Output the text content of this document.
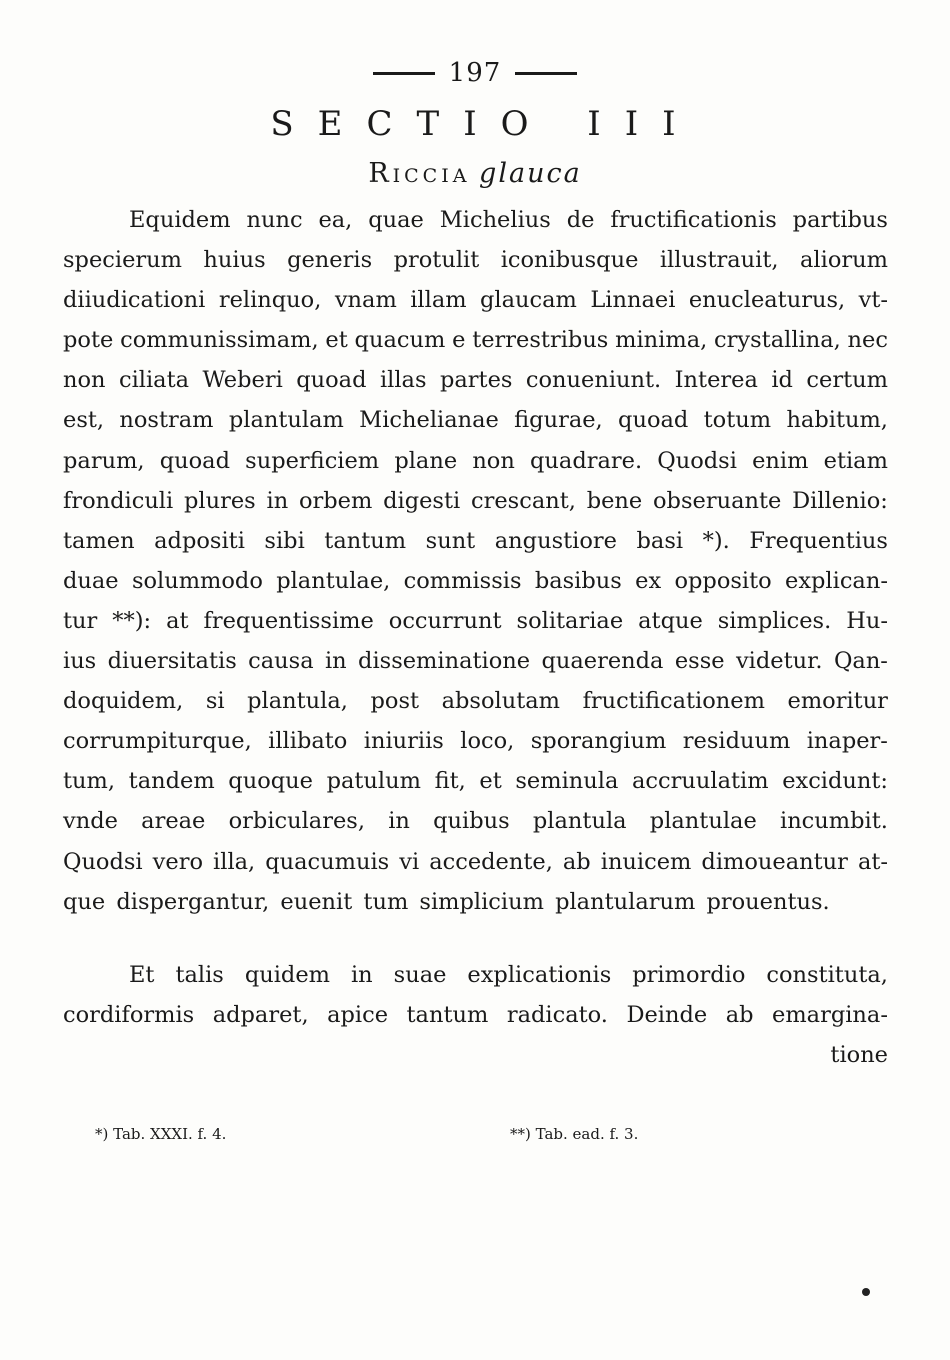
197
SECTIO III
Riccia glauca
Equidem nunc ea, quae Michelius de fructificationis partibus
specierum huius generis protulit iconibusque illustrauit, aliorum
diiudicationi relinquo, vnam illam glaucam Linnaei enucleaturus, vt-
pote communissimam, et quacum e terrestribus minima, crystallina, nec
non ciliata Weberi quoad illas partes conueniunt. Interea id certum
est, nostram plantulam Michelianae figurae, quoad totum habitum,
parum, quoad superficiem plane non quadrare. Quodsi enim etiam
frondiculi plures in orbem digesti crescant, bene obseruante Dillenio:
tamen adpositi sibi tantum sunt angustiore basi *). Frequentius
duae solummodo plantulae, commissis basibus ex opposito explican-
tur **): at frequentissime occurrunt solitariae atque simplices. Hu-
ius diuersitatis causa in disseminatione quaerenda esse videtur. Qan-
doquidem, si plantula, post absolutam fructificationem emoritur
corrumpiturque, illibato iniuriis loco, sporangium residuum inaper-
tum, tandem quoque patulum fit, et seminula accruulatim excidunt:
vnde areae orbiculares, in quibus plantula plantulae incumbit.
Quodsi vero illa, quacumuis vi accedente, ab inuicem dimoueantur at-
que dispergantur, euenit tum simplicium plantularum prouentus.
Et talis quidem in suae explicationis primordio constituta,
cordiformis adparet, apice tantum radicato. Deinde ab emargina-
tione
*) Tab. XXXI. f. 4.	**) Tab. ead. f. 3.
